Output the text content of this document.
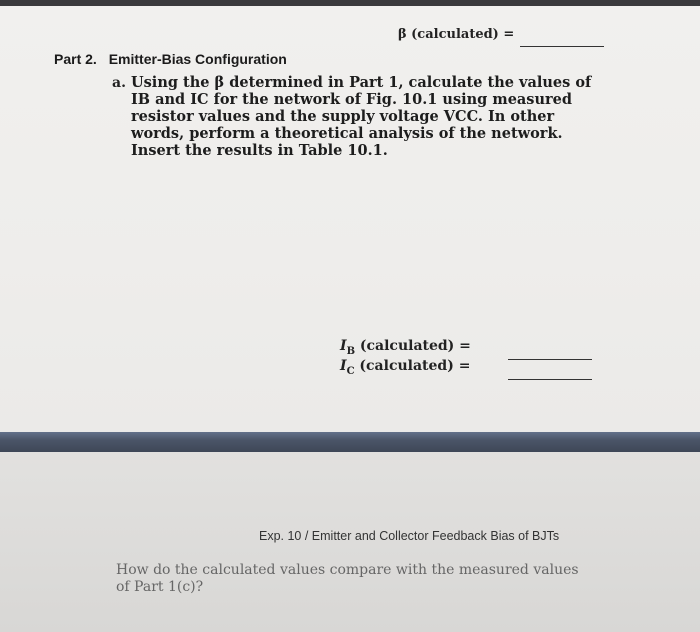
β (calculated) =
Part 2. Emitter-Bias Configuration
a. Using the β determined in Part 1, calculate the values of IB and IC for the network of Fig. 10.1 using measured resistor values and the supply voltage VCC. In other words, perform a theoretical analysis of the network. Insert the results in Table 10.1.
$I_B$ (calculated) =
$I_C$ (calculated) =
Exp. 10 / Emitter and Collector Feedback Bias of BJTs
How do the calculated values compare with the measured values of Part 1(c)?
